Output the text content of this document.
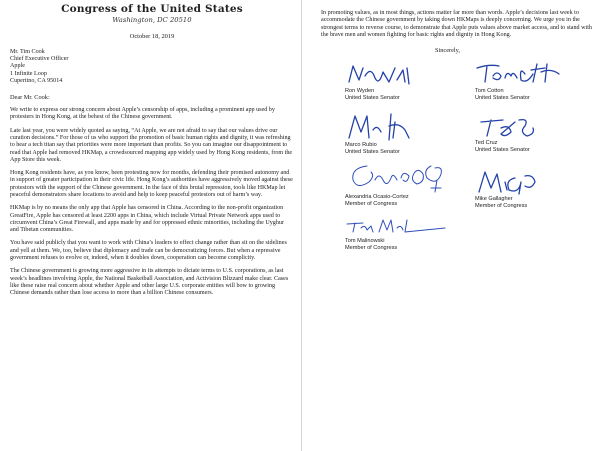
Congress of the United States
Washington, DC 20510
October 18, 2019
Mr. Tim Cook
Chief Executive Officer
Apple
1 Infinite Loop
Cupertino, CA 95014
Dear Mr. Cook:

We write to express our strong concern about Apple’s censorship of apps, including a prominent app used by protesters in Hong Kong, at the behest of the Chinese government.

Late last year, you were widely quoted as saying, “At Apple, we are not afraid to say that our values drive our curation decisions.” For those of us who support the promotion of basic human rights and dignity, it was refreshing to hear a tech titan say that priorities were more important than profits. So you can imagine our disappointment to read that Apple had removed HKMap, a crowdsourced mapping app widely used by Hong Kong residents, from the App Store this week.

Hong Kong residents have, as you know, been protesting now for months, defending their promised autonomy and in support of greater participation in their civic life. Hong Kong’s authorities have aggressively moved against these protestors with the support of the Chinese government. In the face of this brutal repression, tools like HKMap let peaceful demonstrators share locations to avoid and help to keep peaceful protestors out of harm’s way.

HKMap is by no means the only app that Apple has censored in China. According to the non-profit organization GreatFire, Apple has censored at least 2200 apps in China, which include Virtual Private Network apps used to circumvent China’s Great Firewall, and apps made by and for oppressed ethnic minorities, including the Uyghur and Tibetan communities.

You have said publicly that you want to work with China’s leaders to effect change rather than sit on the sidelines and yell at them. We, too, believe that diplomacy and trade can be democratizing forces. But when a repressive government refuses to evolve or, indeed, when it doubles down, cooperation can become complicity.

The Chinese government is growing more aggressive in its attempts to dictate terms to U.S. corporations, as last week’s headlines involving Apple, the National Basketball Association, and Activision Blizzard make clear. Cases like these raise real concern about whether Apple and other large U.S. corporate entities will bow to growing Chinese demands rather than lose access to more than a billion Chinese consumers.

In promoting values, as in most things, actions matter far more than words. Apple’s decisions last week to accommodate the Chinese government by taking down HKMaps is deeply concerning. We urge you in the strongest terms to reverse course, to demonstrate that Apple puts values above market access, and to stand with the brave men and women fighting for basic rights and dignity in Hong Kong.

Sincerely,
Ron Wyden
United States Senator
Tom Cotton
United States Senator
Marco Rubio
United States Senator
Ted Cruz
United States Senator
Alexandria Ocasio-Cortez
Member of Congress
Mike Gallagher
Member of Congress
Tom Malinowski
Member of Congress
